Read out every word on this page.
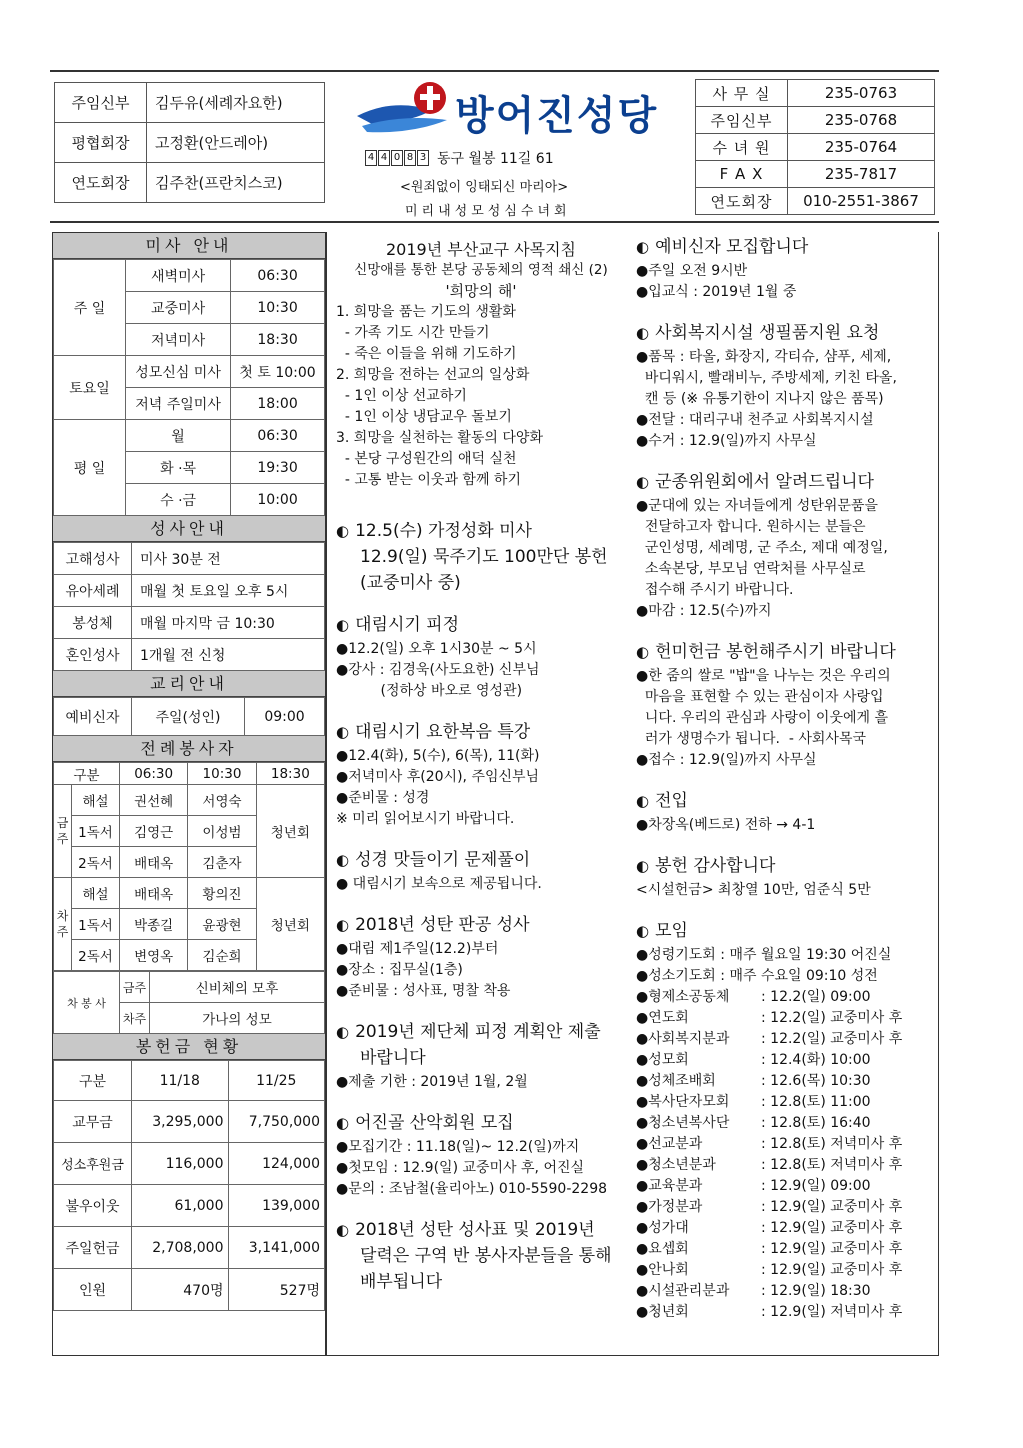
주임신부	김두유(세례자요한)
평협회장	고정환(안드레아)
연도회장	김주찬(프란치스코)
방어진성당
4 4 0 8 3 동구 월봉 11길 61
<원죄없이 잉태되신 마리아>
미리내성모성심수녀회
사 무 실	235-0763
주임신부	235-0768
수 녀 원	235-0764
F A X	235-7817
연도회장	010-2551-3867
미사 안내
주 일	새벽미사	06:30
	교중미사	10:30
	저녁미사	18:30
토요일	성모신심 미사	첫 토 10:00
	저녁 주일미사	18:00
평 일	월	06:30
	화 ·목	19:30
	수 ·금	10:00
성사안내
고해성사	미사 30분 전
유아세례	매월 첫 토요일 오후 5시
봉성체	매월 마지막 금 10:30
혼인성사	1개월 전 신청
교리안내
예비신자	주일(성인)	09:00
전례봉사자
구분		06:30	10:30	18:30
금주	해설	권선혜	서영숙	청년회
	1독서	김영근	이성범	
	2독서	배태옥	김춘자	
차주	해설	배태옥	황의진	청년회
	1독서	박종길	윤광현	
	2독서	변영옥	김순희	
차 봉 사	금주	신비체의 모후
	차주	가나의 성모
봉헌금 현황
구분	11/18	11/25
교무금	3,295,000	7,750,000
성소후원금	116,000	124,000
불우이웃	61,000	139,000
주일헌금	2,708,000	3,141,000
인원	470명	527명

2019년 부산교구 사목지침

신망애를 통한 본당 공동체의 영적 쇄신 (2)

'희망의 해'

1. 희망을 품는 기도의 생활화

- 가족 기도 시간 만들기

- 죽은 이들을 위해 기도하기

2. 희망을 전하는 선교의 일상화

- 1인 이상 선교하기

- 1인 이상 냉담교우 돌보기

3. 희망을 실천하는 활동의 다양화

- 본당 구성원간의 애덕 실천

- 고통 받는 이웃과 함께 하기

◐ 12.5(수) 가정성화 미사
12.9(일) 묵주기도 100만단 봉헌
(교중미사 중)
◐ 대림시기 피정

●12.2(일) 오후 1시30분 ~ 5시

●강사 : 김경욱(사도요한) 신부님

(정하상 바오로 영성관)

◐ 대림시기 요한복음 특강

●12.4(화), 5(수), 6(목), 11(화)

●저녁미사 후(20시), 주임신부님

●준비물 : 성경

※ 미리 읽어보시기 바랍니다.

◐ 성경 맛들이기 문제풀이

● 대림시기 보속으로 제공됩니다.

◐ 2018년 성탄 판공 성사

●대림 제1주일(12.2)부터

●장소 : 집무실(1층)

●준비물 : 성사표, 명찰 착용

◐ 2019년 제단체 피정 계획안 제출
바랍니다

●제출 기한 : 2019년 1월, 2월

◐ 어진골 산악회원 모집

●모집기간 : 11.18(일)~ 12.2(일)까지

●첫모임 : 12.9(일) 교중미사 후, 어진실

●문의 : 조남철(율리아노) 010-5590-2298

◐ 2018년 성탄 성사표 및 2019년
달력은 구역 반 봉사자분들을 통해
배부됩니다
◐ 예비신자 모집합니다

●주일 오전 9시반

●입교식 : 2019년 1월 중

◐ 사회복지시설 생필품지원 요청

●품목 : 타올, 화장지, 각티슈, 샴푸, 세제,

바디워시, 빨래비누, 주방세제, 키친 타올,

캔 등 (※ 유통기한이 지나지 않은 품목)

●전달 : 대리구내 천주교 사회복지시설

●수거 : 12.9(일)까지 사무실

◐ 군종위원회에서 알려드립니다

●군대에 있는 자녀들에게 성탄위문품을

전달하고자 합니다. 원하시는 분들은

군인성명, 세례명, 군 주소, 제대 예정일,

소속본당, 부모님 연락처를 사무실로

접수해 주시기 바랍니다.

●마감 : 12.5(수)까지

◐ 헌미헌금 봉헌해주시기 바랍니다

●한 줌의 쌀로 "밥"을 나누는 것은 우리의

마음을 표현할 수 있는 관심이자 사랑입

니다. 우리의 관심과 사랑이 이웃에게 흘

러가 생명수가 됩니다.  - 사회사목국

●접수 : 12.9(일)까지 사무실

◐ 전입

●차장옥(베드로) 전하 → 4-1

◐ 봉헌 감사합니다

<시설헌금> 최창열 10만, 엄준식 5만

◐ 모임
●성령기도회 : 매주 월요일 19:30 어진실
●성소기도회 : 매주 수요일 09:10 성전
●형제소공동체	: 12.2(일) 09:00
●연도회	: 12.2(일) 교중미사 후
●사회복지분과	: 12.2(일) 교중미사 후
●성모회	: 12.4(화) 10:00
●성체조배회	: 12.6(목) 10:30
●복사단자모회	: 12.8(토) 11:00
●청소년복사단	: 12.8(토) 16:40
●선교분과	: 12.8(토) 저녁미사 후
●청소년분과	: 12.8(토) 저녁미사 후
●교육분과	: 12.9(일) 09:00
●가정분과	: 12.9(일) 교중미사 후
●성가대	: 12.9(일) 교중미사 후
●요셉회	: 12.9(일) 교중미사 후
●안나회	: 12.9(일) 교중미사 후
●시설관리분과	: 12.9(일) 18:30
●청년회	: 12.9(일) 저녁미사 후
